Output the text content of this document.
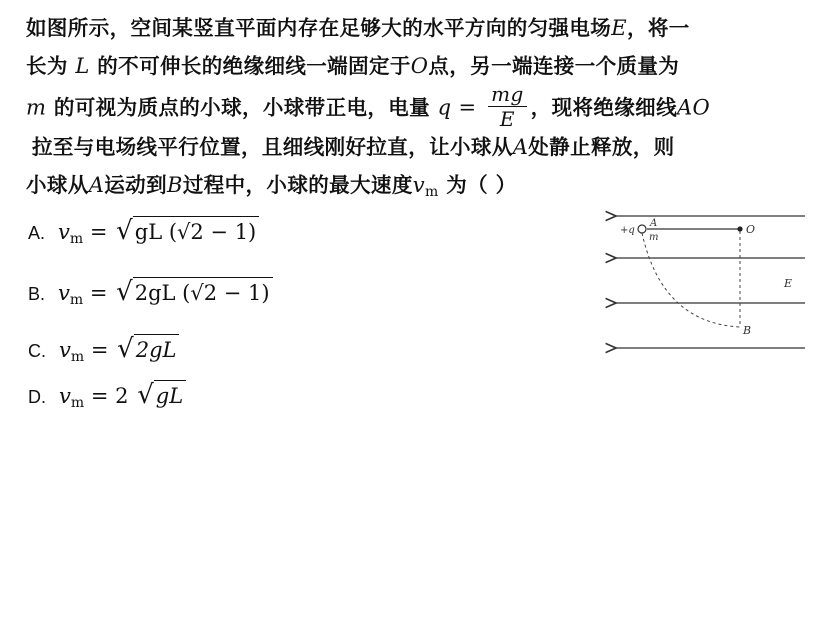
如图所示，空间某竖直平面内存在足够大的水平方向的匀强电场E，将一
长为 L 的不可伸长的绝缘细线一端固定于O点，另一端连接一个质量为
m 的可视为质点的小球，小球带正电，电量 $q = \frac{mg}{E}$ ，现将绝缘细线AO
拉至与电场线平行位置，且细线刚好拉直，让小球从A处静止释放，则
小球从A运动到B过程中，小球的最大速度$v_m$ 为（ ）
A. $v_m = √gL$ (√2 − 1)
B. $v_m = √2gL$ (√2 − 1)
C. $v_m = √2gL$
D. $v_m = 2$ √gL
+q
A
m
O
B
E
